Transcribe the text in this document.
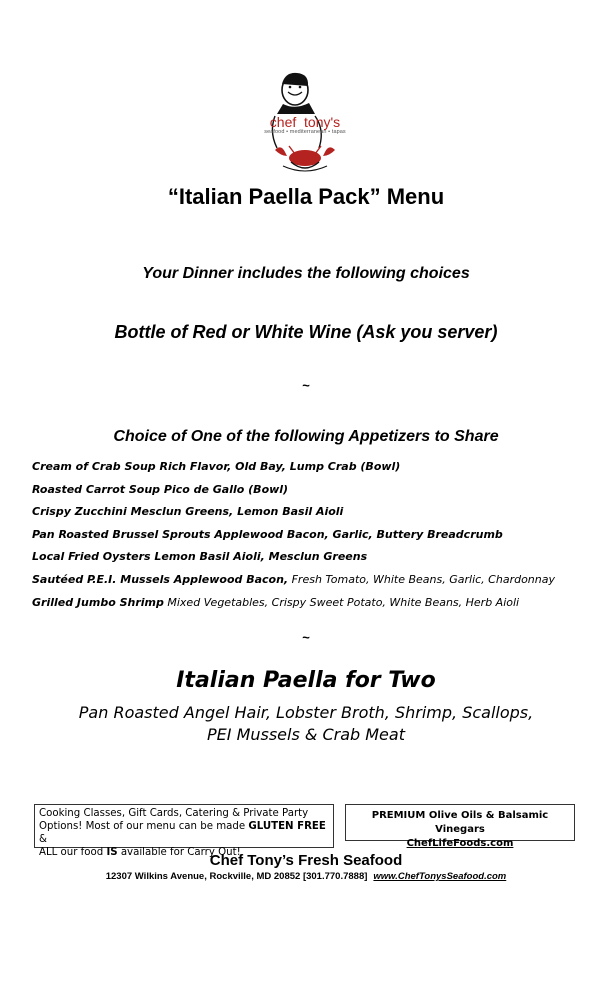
chef tony's
seafood • mediterranean • tapas
“Italian Paella Pack” Menu
Your Dinner includes the following choices
Bottle of Red or White Wine (Ask you server)
~
Choice of One of the following Appetizers to Share
Cream of Crab Soup Rich Flavor, Old Bay, Lump Crab (Bowl)
Roasted Carrot Soup Pico de Gallo (Bowl)
Crispy Zucchini Mesclun Greens, Lemon Basil Aioli
Pan Roasted Brussel Sprouts Applewood Bacon, Garlic, Buttery Breadcrumb
Local Fried Oysters Lemon Basil Aioli, Mesclun Greens
Sautéed P.E.I. Mussels Applewood Bacon, Fresh Tomato, White Beans, Garlic, Chardonnay
Grilled Jumbo Shrimp Mixed Vegetables, Crispy Sweet Potato, White Beans, Herb Aioli
~
Italian Paella for Two
Pan Roasted Angel Hair, Lobster Broth, Shrimp, Scallops,
PEI Mussels & Crab Meat
Cooking Classes, Gift Cards, Catering & Private Party
Options! Most of our menu can be made GLUTEN FREE &
ALL our food IS available for Carry Out!
PREMIUM Olive Oils & Balsamic Vinegars
ChefLifeFoods.com
Chef Tony’s Fresh Seafood
12307 Wilkins Avenue, Rockville, MD 20852 [301.770.7888] www.ChefTonysSeafood.com
